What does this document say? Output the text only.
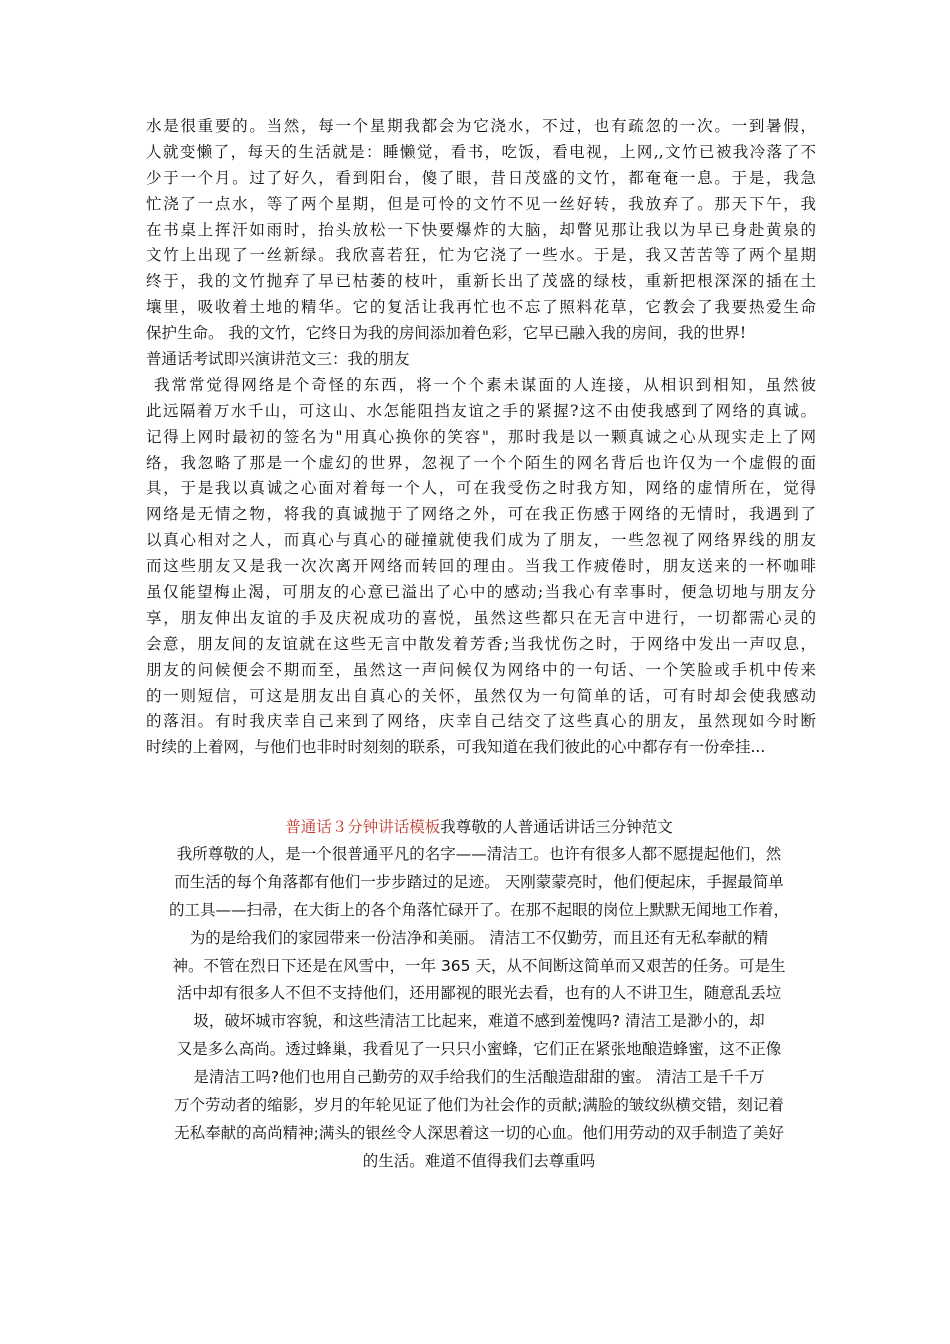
水是很重要的。当然，每一个星期我都会为它浇水，不过，也有疏忽的一次。一到暑假，
人就变懒了，每天的生活就是：睡懒觉，看书，吃饭，看电视，上网,,文竹已被我冷落了不
少于一个月。过了好久，看到阳台，傻了眼，昔日茂盛的文竹，都奄奄一息。于是，我急
忙浇了一点水，等了两个星期，但是可怜的文竹不见一丝好转，我放弃了。那天下午，我
在书桌上挥汗如雨时，抬头放松一下快要爆炸的大脑，却瞥见那让我以为早已身赴黄泉的
文竹上出现了一丝新绿。我欣喜若狂，忙为它浇了一些水。于是，我又苦苦等了两个星期
终于，我的文竹抛弃了早已枯萎的枝叶，重新长出了茂盛的绿枝，重新把根深深的插在土
壤里，吸收着土地的精华。它的复活让我再忙也不忘了照料花草，它教会了我要热爱生命
保护生命。 我的文竹，它终日为我的房间添加着色彩，它早已融入我的房间，我的世界!
普通话考试即兴演讲范文三：我的朋友
我常常觉得网络是个奇怪的东西，将一个个素未谋面的人连接，从相识到相知，虽然彼
此远隔着万水千山，可这山、水怎能阻挡友谊之手的紧握?这不由使我感到了网络的真诚。
记得上网时最初的签名为"用真心换你的笑容"，那时我是以一颗真诚之心从现实走上了网
络，我忽略了那是一个虚幻的世界，忽视了一个个陌生的网名背后也许仅为一个虚假的面
具，于是我以真诚之心面对着每一个人，可在我受伤之时我方知，网络的虚情所在，觉得
网络是无情之物，将我的真诚抛于了网络之外，可在我正伤感于网络的无情时，我遇到了
以真心相对之人，而真心与真心的碰撞就使我们成为了朋友，一些忽视了网络界线的朋友
而这些朋友又是我一次次离开网络而转回的理由。当我工作疲倦时，朋友送来的一杯咖啡
虽仅能望梅止渴，可朋友的心意已溢出了心中的感动;当我心有幸事时，便急切地与朋友分
享，朋友伸出友谊的手及庆祝成功的喜悦，虽然这些都只在无言中进行，一切都需心灵的
会意，朋友间的友谊就在这些无言中散发着芳香;当我忧伤之时，于网络中发出一声叹息，
朋友的问候便会不期而至，虽然这一声问候仅为网络中的一句话、一个笑脸或手机中传来
的一则短信，可这是朋友出自真心的关怀，虽然仅为一句简单的话，可有时却会使我感动
的落泪。有时我庆幸自己来到了网络，庆幸自己结交了这些真心的朋友，虽然现如今时断
时续的上着网，与他们也非时时刻刻的联系，可我知道在我们彼此的心中都存有一份牵挂...
普通话３分钟讲话模板我尊敬的人普通话讲话三分钟范文
我所尊敬的人，是一个很普通平凡的名字——清洁工。也许有很多人都不愿提起他们，然
而生活的每个角落都有他们一步步踏过的足迹。 天刚蒙蒙亮时，他们便起床，手握最简单
的工具——扫帚，在大街上的各个角落忙碌开了。在那不起眼的岗位上默默无闻地工作着，
为的是给我们的家园带来一份洁净和美丽。 清洁工不仅勤劳，而且还有无私奉献的精
神。不管在烈日下还是在风雪中，一年 365 天，从不间断这简单而又艰苦的任务。可是生
活中却有很多人不但不支持他们，还用鄙视的眼光去看，也有的人不讲卫生，随意乱丢垃
圾，破坏城市容貌，和这些清洁工比起来，难道不感到羞愧吗? 清洁工是渺小的，却
又是多么高尚。透过蜂巢，我看见了一只只小蜜蜂，它们正在紧张地酿造蜂蜜，这不正像
是清洁工吗?他们也用自己勤劳的双手给我们的生活酿造甜甜的蜜。 清洁工是千千万
万个劳动者的缩影，岁月的年轮见证了他们为社会作的贡献;满脸的皱纹纵横交错，刻记着
无私奉献的高尚精神;满头的银丝令人深思着这一切的心血。他们用劳动的双手制造了美好
的生活。难道不值得我们去尊重吗
